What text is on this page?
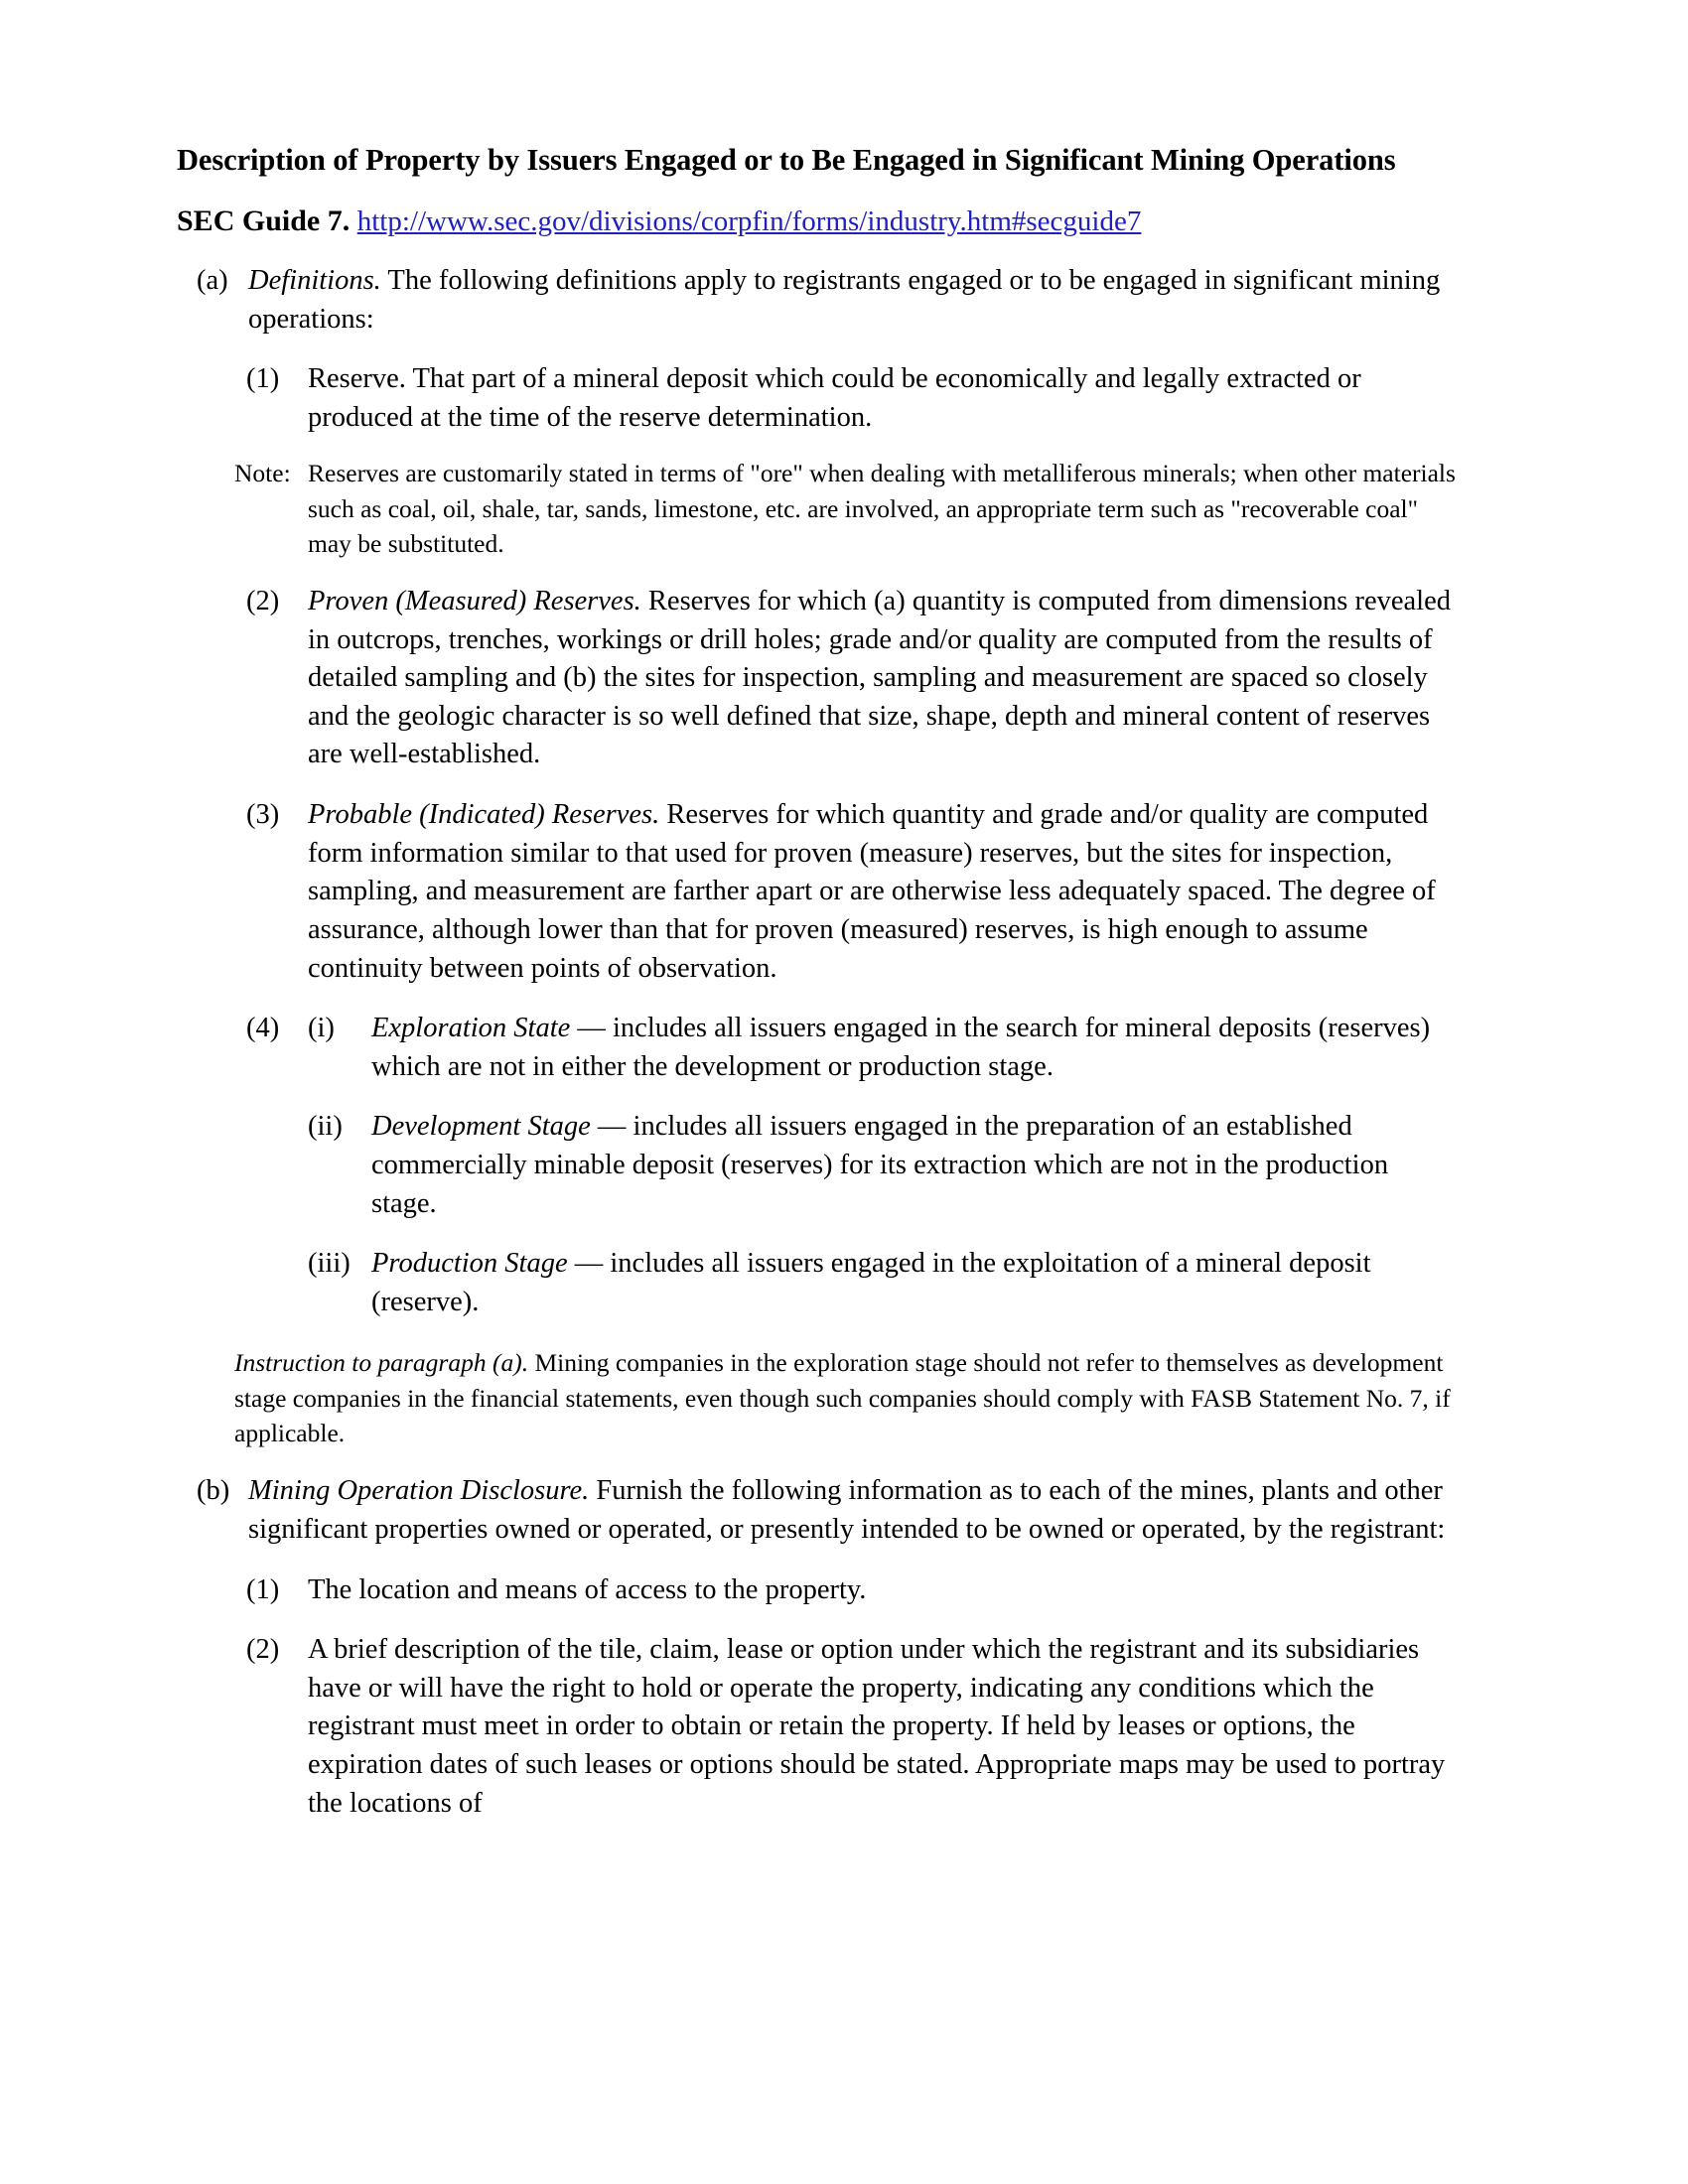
Description of Property by Issuers Engaged or to Be Engaged in Significant Mining Operations
SEC Guide 7. http://www.sec.gov/divisions/corpfin/forms/industry.htm#secguide7
(a) Definitions. The following definitions apply to registrants engaged or to be engaged in significant mining operations:
(1)	Reserve. That part of a mineral deposit which could be economically and legally extracted or produced at the time of the reserve determination.
Note: Reserves are customarily stated in terms of "ore" when dealing with metalliferous minerals; when other materials such as coal, oil, shale, tar, sands, limestone, etc. are involved, an appropriate term such as "recoverable coal" may be substituted.
(2)	Proven (Measured) Reserves. Reserves for which (a) quantity is computed from dimensions revealed in outcrops, trenches, workings or drill holes; grade and/or quality are computed from the results of detailed sampling and (b) the sites for inspection, sampling and measurement are spaced so closely and the geologic character is so well defined that size, shape, depth and mineral content of reserves are well-established.
(3)	Probable (Indicated) Reserves. Reserves for which quantity and grade and/or quality are computed form information similar to that used for proven (measure) reserves, but the sites for inspection, sampling, and measurement are farther apart or are otherwise less adequately spaced. The degree of assurance, although lower than that for proven (measured) reserves, is high enough to assume continuity between points of observation.
(4)	(i)	Exploration State — includes all issuers engaged in the search for mineral deposits (reserves) which are not in either the development or production stage.
(ii)	Development Stage — includes all issuers engaged in the preparation of an established commercially minable deposit (reserves) for its extraction which are not in the production stage.
(iii) Production Stage — includes all issuers engaged in the exploitation of a mineral deposit (reserve).
Instruction to paragraph (a). Mining companies in the exploration stage should not refer to themselves as development stage companies in the financial statements, even though such companies should comply with FASB Statement No. 7, if applicable.
(b) Mining Operation Disclosure. Furnish the following information as to each of the mines, plants and other significant properties owned or operated, or presently intended to be owned or operated, by the registrant:
(1)	The location and means of access to the property.
(2)	A brief description of the tile, claim, lease or option under which the registrant and its subsidiaries have or will have the right to hold or operate the property, indicating any conditions which the registrant must meet in order to obtain or retain the property. If held by leases or options, the expiration dates of such leases or options should be stated. Appropriate maps may be used to portray the locations of
